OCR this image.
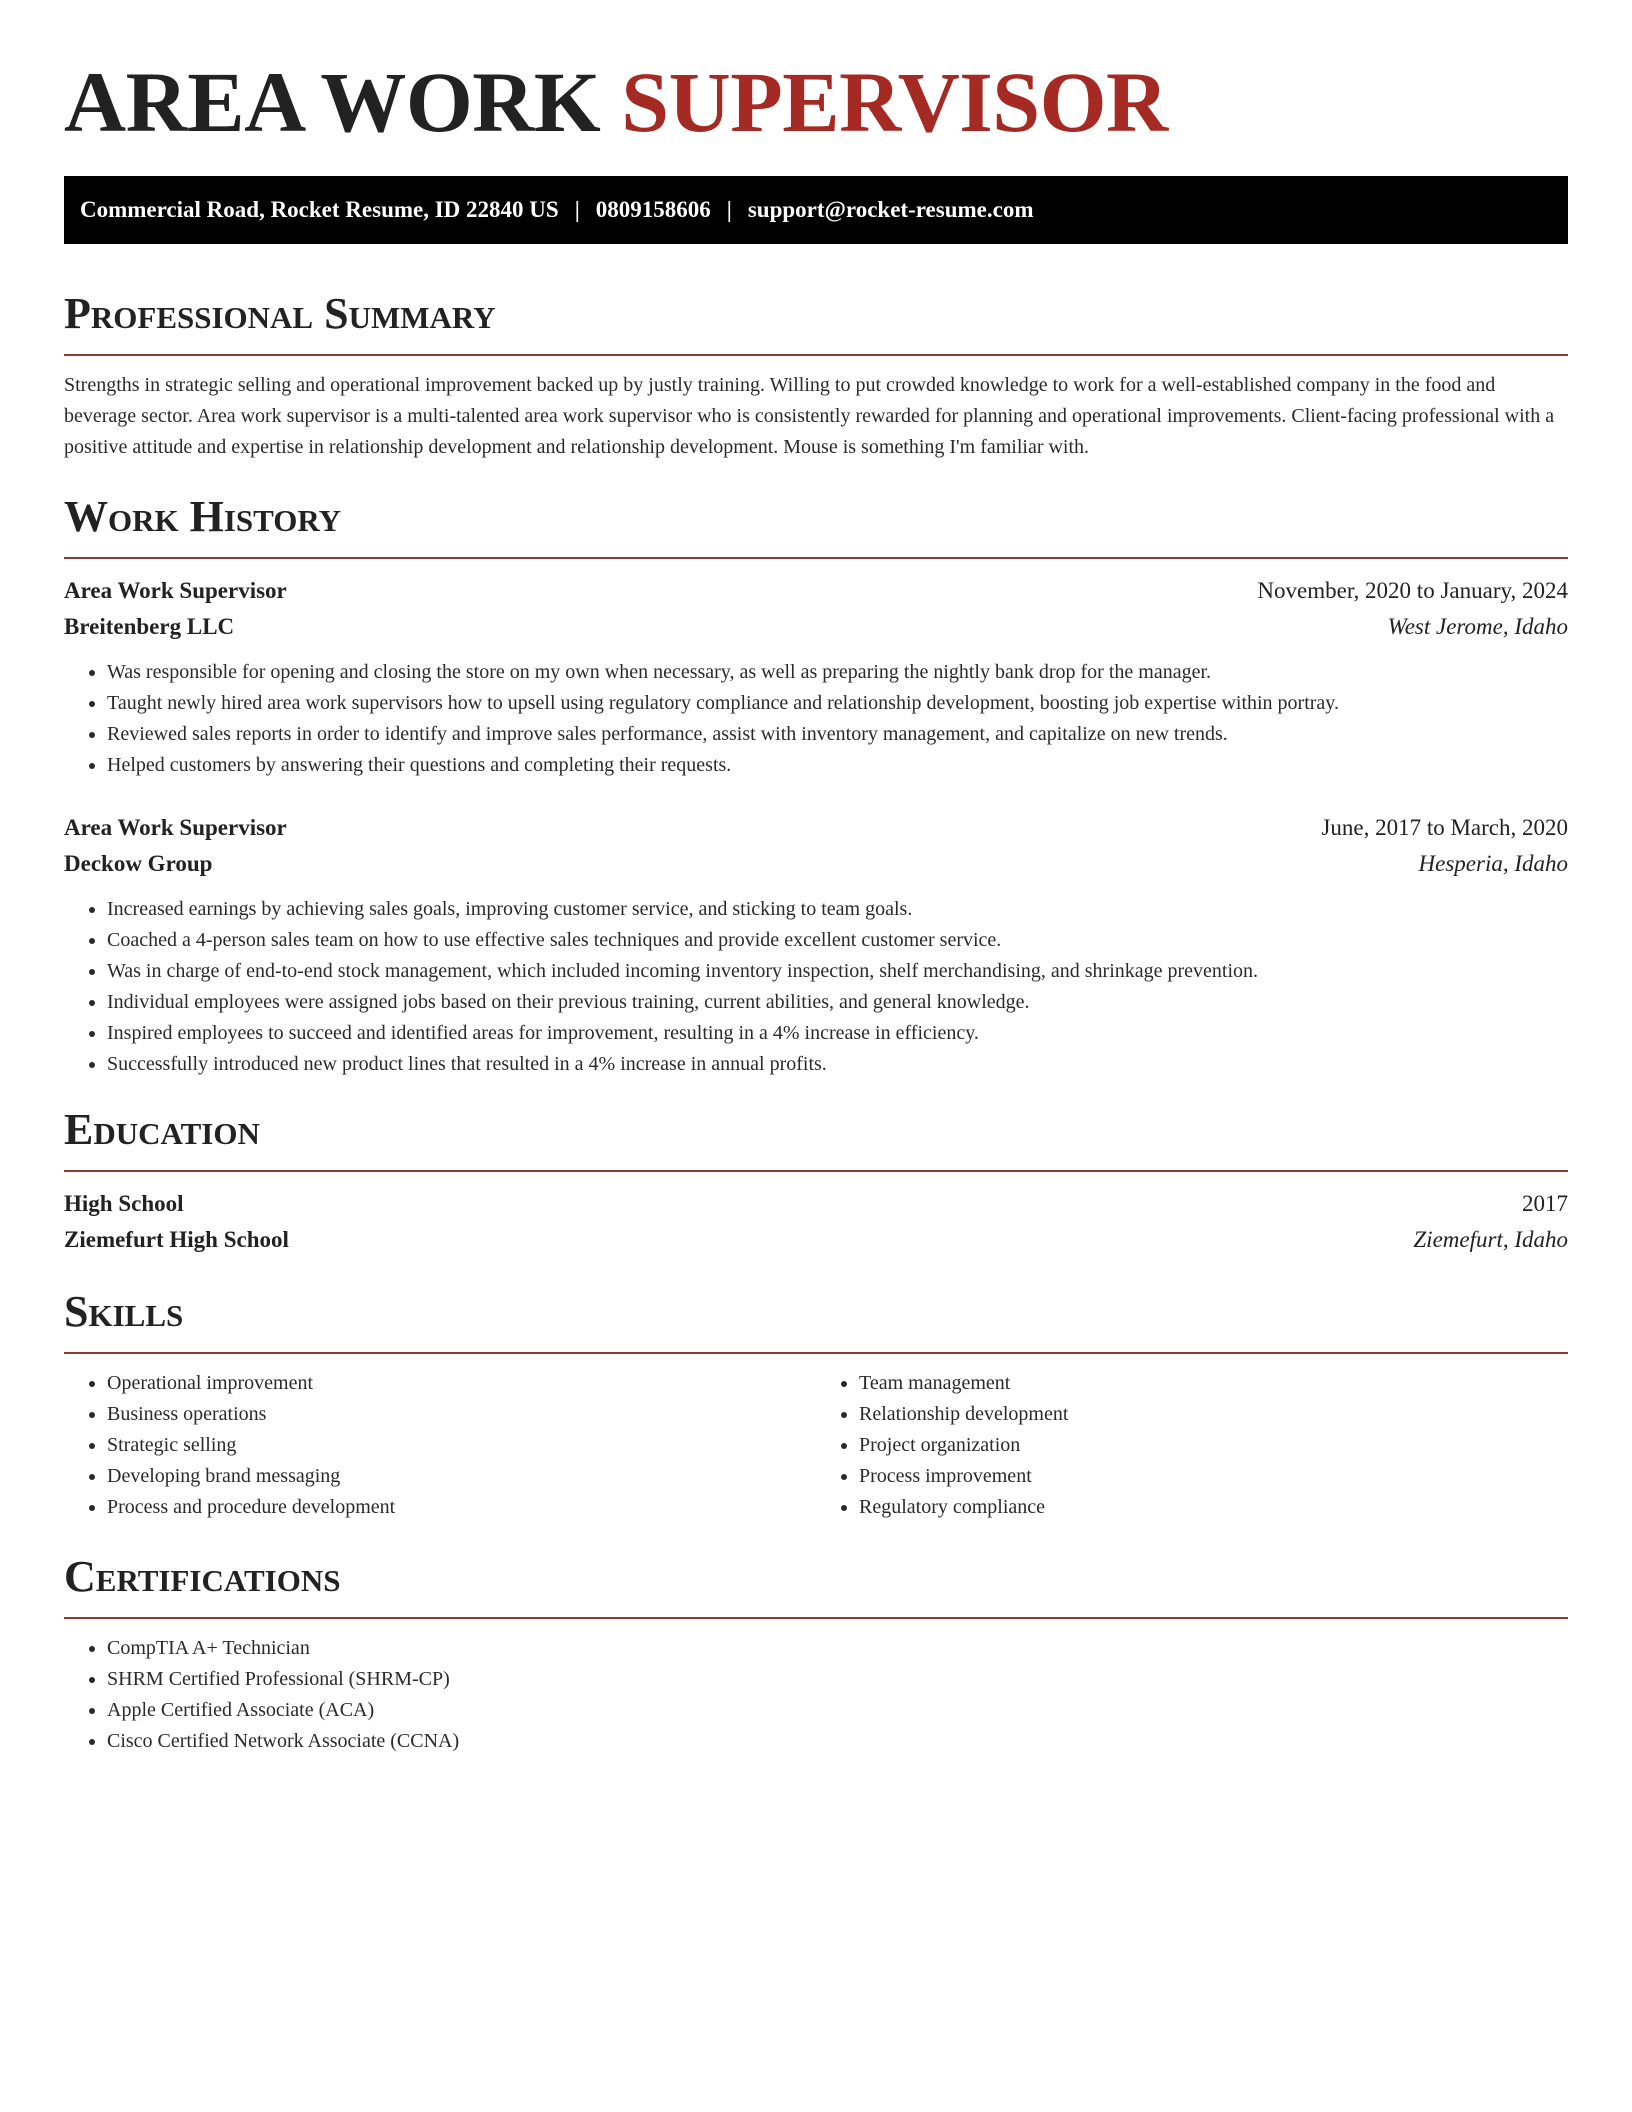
AREA WORK SUPERVISOR
Commercial Road, Rocket Resume, ID 22840 US | 0809158606 | support@rocket-resume.com
Professional Summary

Strengths in strategic selling and operational improvement backed up by justly training. Willing to put crowded knowledge to work for a well-established company in the food and beverage sector. Area work supervisor is a multi-talented area work supervisor who is consistently rewarded for planning and operational improvements. Client-facing professional with a positive attitude and expertise in relationship development and relationship development. Mouse is something I'm familiar with.

Work History
Area Work Supervisor	November, 2020 to January, 2024
Breitenberg LLC	West Jerome, Idaho
• Was responsible for opening and closing the store on my own when necessary, as well as preparing the nightly bank drop for the manager.
• Taught newly hired area work supervisors how to upsell using regulatory compliance and relationship development, boosting job expertise within portray.
• Reviewed sales reports in order to identify and improve sales performance, assist with inventory management, and capitalize on new trends.
• Helped customers by answering their questions and completing their requests.
Area Work Supervisor	June, 2017 to March, 2020
Deckow Group	Hesperia, Idaho
• Increased earnings by achieving sales goals, improving customer service, and sticking to team goals.
• Coached a 4-person sales team on how to use effective sales techniques and provide excellent customer service.
• Was in charge of end-to-end stock management, which included incoming inventory inspection, shelf merchandising, and shrinkage prevention.
• Individual employees were assigned jobs based on their previous training, current abilities, and general knowledge.
• Inspired employees to succeed and identified areas for improvement, resulting in a 4% increase in efficiency.
• Successfully introduced new product lines that resulted in a 4% increase in annual profits.
Education
High School	2017
Ziemefurt High School	Ziemefurt, Idaho
Skills
• Operational improvement
• Business operations
• Strategic selling
• Developing brand messaging
• Process and procedure development
• Team management
• Relationship development
• Project organization
• Process improvement
• Regulatory compliance
Certifications
• CompTIA A+ Technician
• SHRM Certified Professional (SHRM-CP)
• Apple Certified Associate (ACA)
• Cisco Certified Network Associate (CCNA)
